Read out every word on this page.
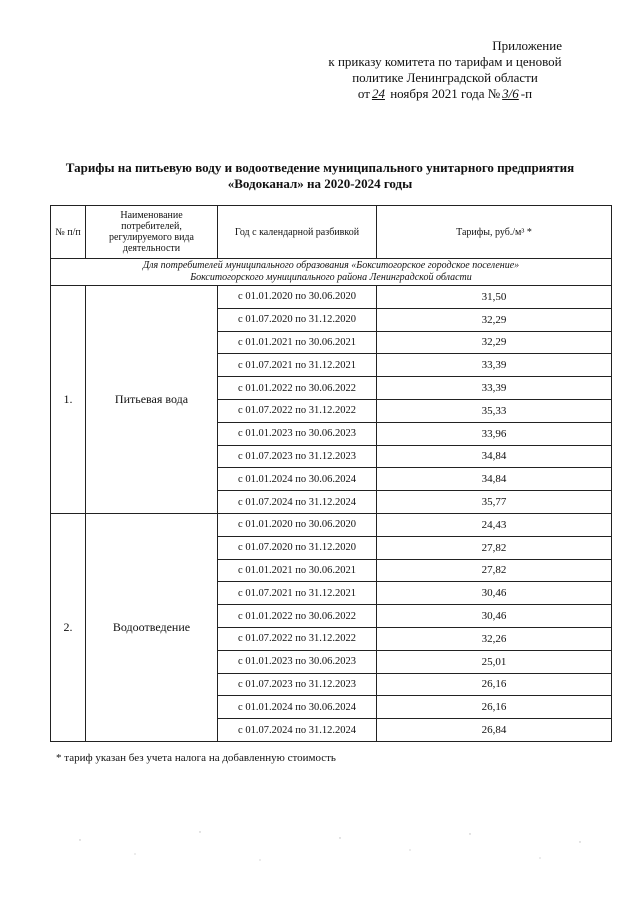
Приложение
к приказу комитета по тарифам и ценовой
политике Ленинградской области
от 24 ноября 2021 года № 3/6 -п
Тарифы на питьевую воду и водоотведение муниципального унитарного предприятия
«Водоканал» на 2020-2024 годы
№ п/п	Наименование потребителей, регулируемого вида деятельности	Год с календарной разбивкой	Тарифы, руб./м³ *

Для потребителей муниципального образования «Бокситогорское городское поселение»
Бокситогорского муниципального района Ленинградской области			

1.	Питьевая вода	с 01.01.2020 по 30.06.2020	31,50
		с 01.07.2020 по 31.12.2020	32,29
		с 01.01.2021 по 30.06.2021	32,29
		с 01.07.2021 по 31.12.2021	33,39
		с 01.01.2022 по 30.06.2022	33,39
		с 01.07.2022 по 31.12.2022	35,33
		с 01.01.2023 по 30.06.2023	33,96
		с 01.07.2023 по 31.12.2023	34,84
		с 01.01.2024 по 30.06.2024	34,84
		с 01.07.2024 по 31.12.2024	35,77
2.	Водоотведение	с 01.01.2020 по 30.06.2020	24,43
		с 01.07.2020 по 31.12.2020	27,82
		с 01.01.2021 по 30.06.2021	27,82
		с 01.07.2021 по 31.12.2021	30,46
		с 01.01.2022 по 30.06.2022	30,46
		с 01.07.2022 по 31.12.2022	32,26
		с 01.01.2023 по 30.06.2023	25,01
		с 01.07.2023 по 31.12.2023	26,16
		с 01.01.2024 по 30.06.2024	26,16
		с 01.07.2024 по 31.12.2024	26,84
* тариф указан без учета налога на добавленную стоимость
